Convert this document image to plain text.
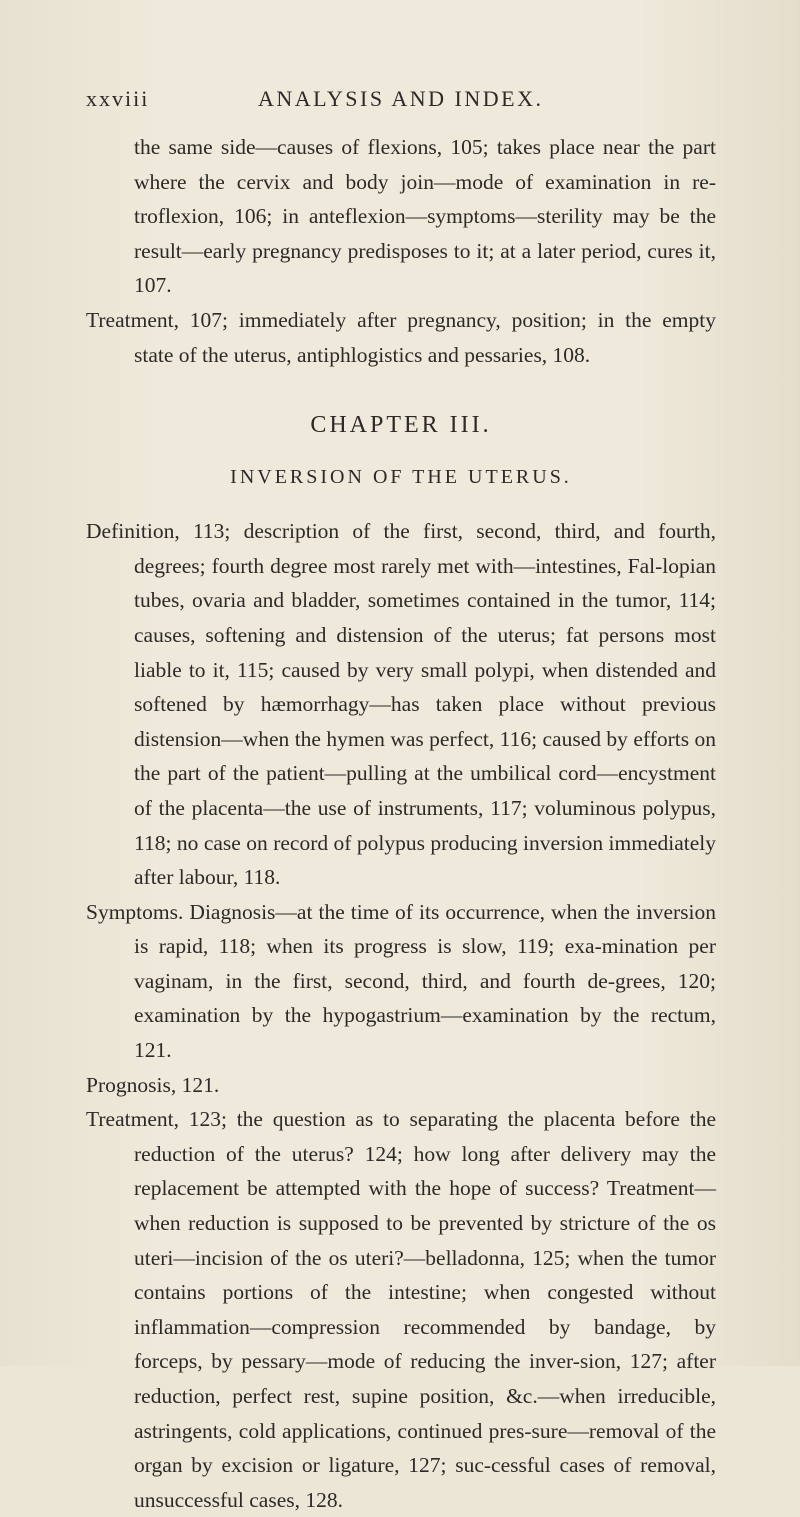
xxviii	ANALYSIS AND INDEX.

the same side—causes of flexions, 105; takes place near the part where the cervix and body join—mode of examination in re-troflexion, 106; in anteflexion—symptoms—sterility may be the result—early pregnancy predisposes to it; at a later period, cures it, 107.

Treatment, 107; immediately after pregnancy, position; in the empty state of the uterus, antiphlogistics and pessaries, 108.

CHAPTER III.
INVERSION OF THE UTERUS.

Definition, 113; description of the first, second, third, and fourth, degrees; fourth degree most rarely met with—intestines, Fal-lopian tubes, ovaria and bladder, sometimes contained in the tumor, 114; causes, softening and distension of the uterus; fat persons most liable to it, 115; caused by very small polypi, when distended and softened by hæmorrhagy—has taken place without previous distension—when the hymen was perfect, 116; caused by efforts on the part of the patient—pulling at the umbilical cord—encystment of the placenta—the use of instruments, 117; voluminous polypus, 118; no case on record of polypus producing inversion immediately after labour, 118.

Symptoms. Diagnosis—at the time of its occurrence, when the inversion is rapid, 118; when its progress is slow, 119; exa-mination per vaginam, in the first, second, third, and fourth de-grees, 120; examination by the hypogastrium—examination by the rectum, 121.

Prognosis, 121.

Treatment, 123; the question as to separating the placenta before the reduction of the uterus? 124; how long after delivery may the replacement be attempted with the hope of success? Treatment—when reduction is supposed to be prevented by stricture of the os uteri—incision of the os uteri?—belladonna, 125; when the tumor contains portions of the intestine; when congested without inflammation—compression recommended by bandage, by forceps, by pessary—mode of reducing the inver-sion, 127; after reduction, perfect rest, supine position, &c.—when irreducible, astringents, cold applications, continued pres-sure—removal of the organ by excision or ligature, 127; suc-cessful cases of removal, unsuccessful cases, 128.
